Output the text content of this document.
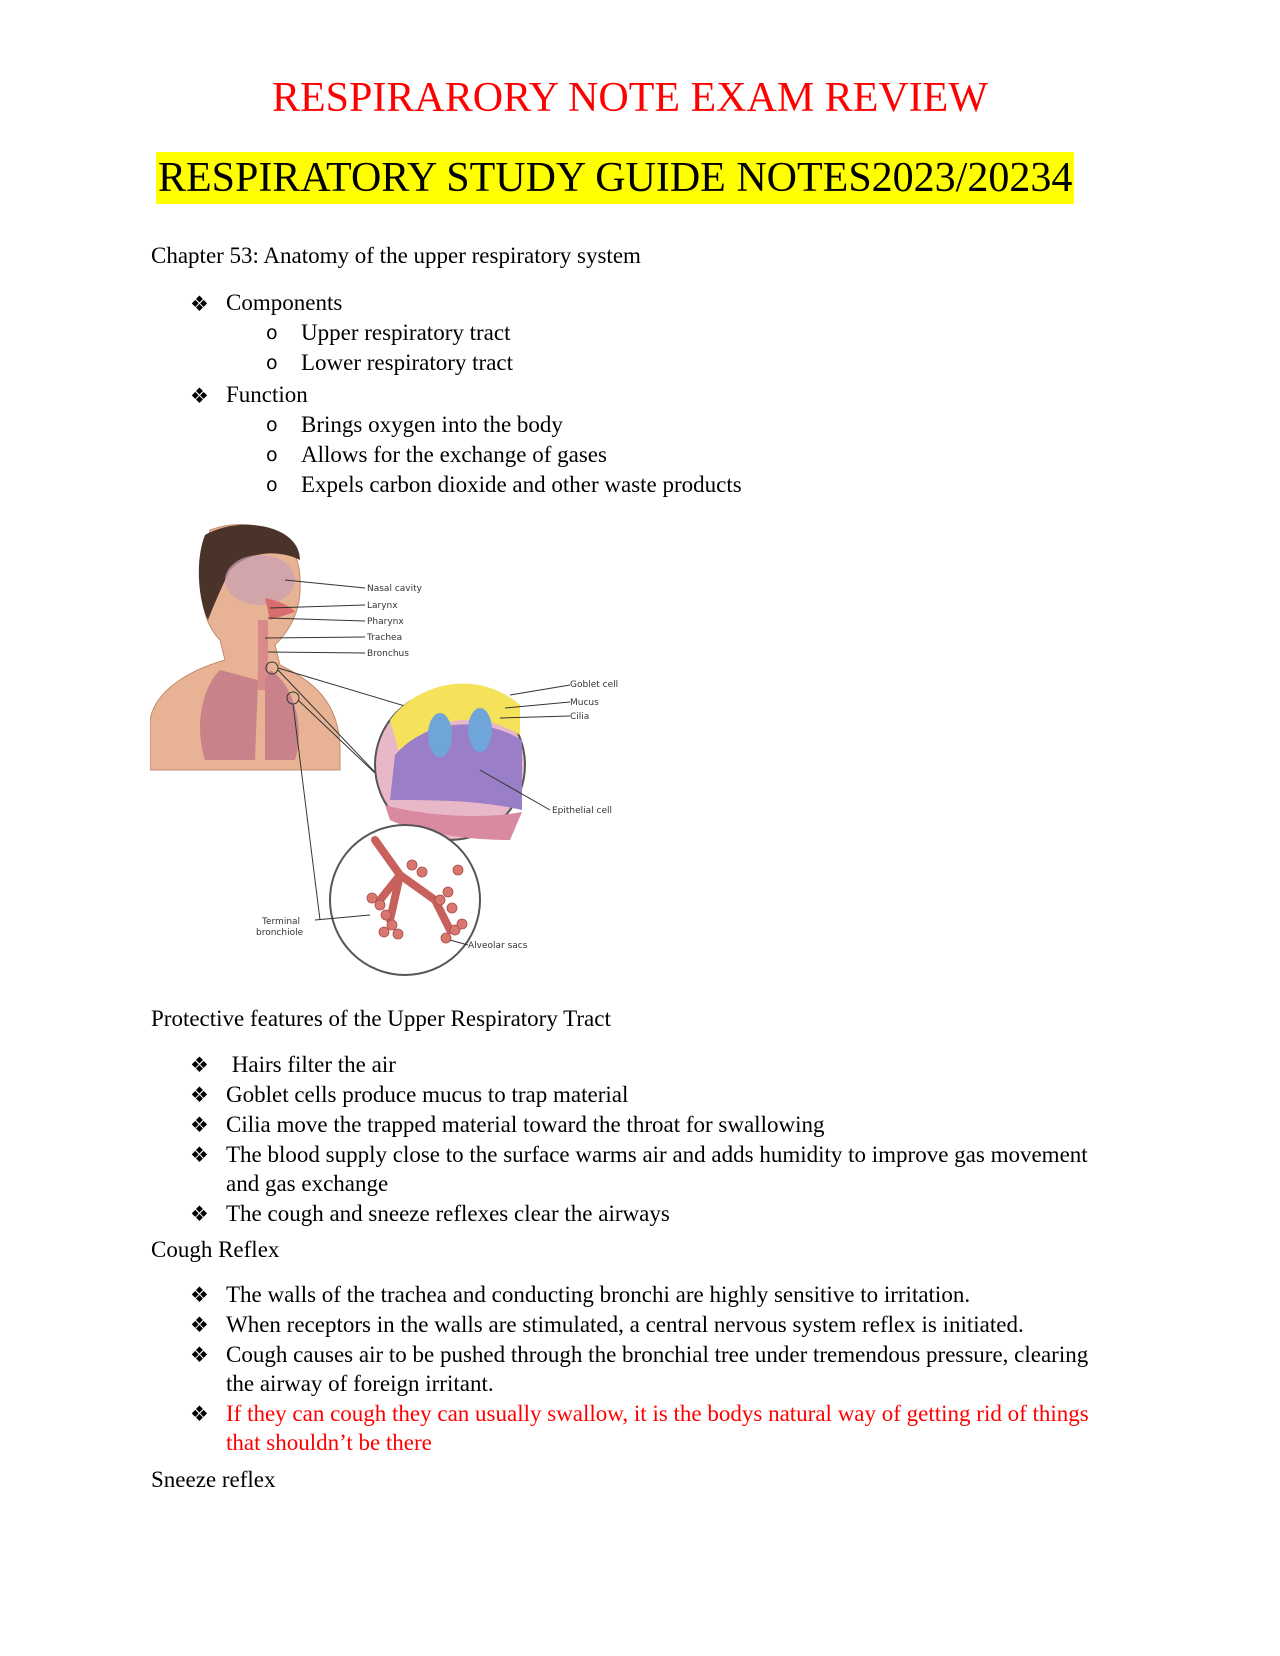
RESPIRARORY NOTE EXAM REVIEW
RESPIRATORY STUDY GUIDE NOTES2023/20234
Chapter 53: Anatomy of the upper respiratory system
❖ Components
o Upper respiratory tract
o Lower respiratory tract
❖ Function
o Brings oxygen into the body
o Allows for the exchange of gases
o Expels carbon dioxide and other waste products
Nasal cavity
Larynx
Pharynx
Trachea
Bronchus
Goblet cell
Mucus
Cilia
Epithelial cell
Terminal
bronchiole
Alveolar sacs
Protective features of the Upper Respiratory Tract
❖ Hairs filter the air
❖ Goblet cells produce mucus to trap material
❖ Cilia move the trapped material toward the throat for swallowing
❖ The blood supply close to the surface warms air and adds humidity to improve gas movement and gas exchange
❖ The cough and sneeze reflexes clear the airways
Cough Reflex
❖ The walls of the trachea and conducting bronchi are highly sensitive to irritation.
❖ When receptors in the walls are stimulated, a central nervous system reflex is initiated.
❖ Cough causes air to be pushed through the bronchial tree under tremendous pressure, clearing the airway of foreign irritant.
❖ If they can cough they can usually swallow, it is the bodys natural way of getting rid of things that shouldn’t be there
Sneeze reflex
